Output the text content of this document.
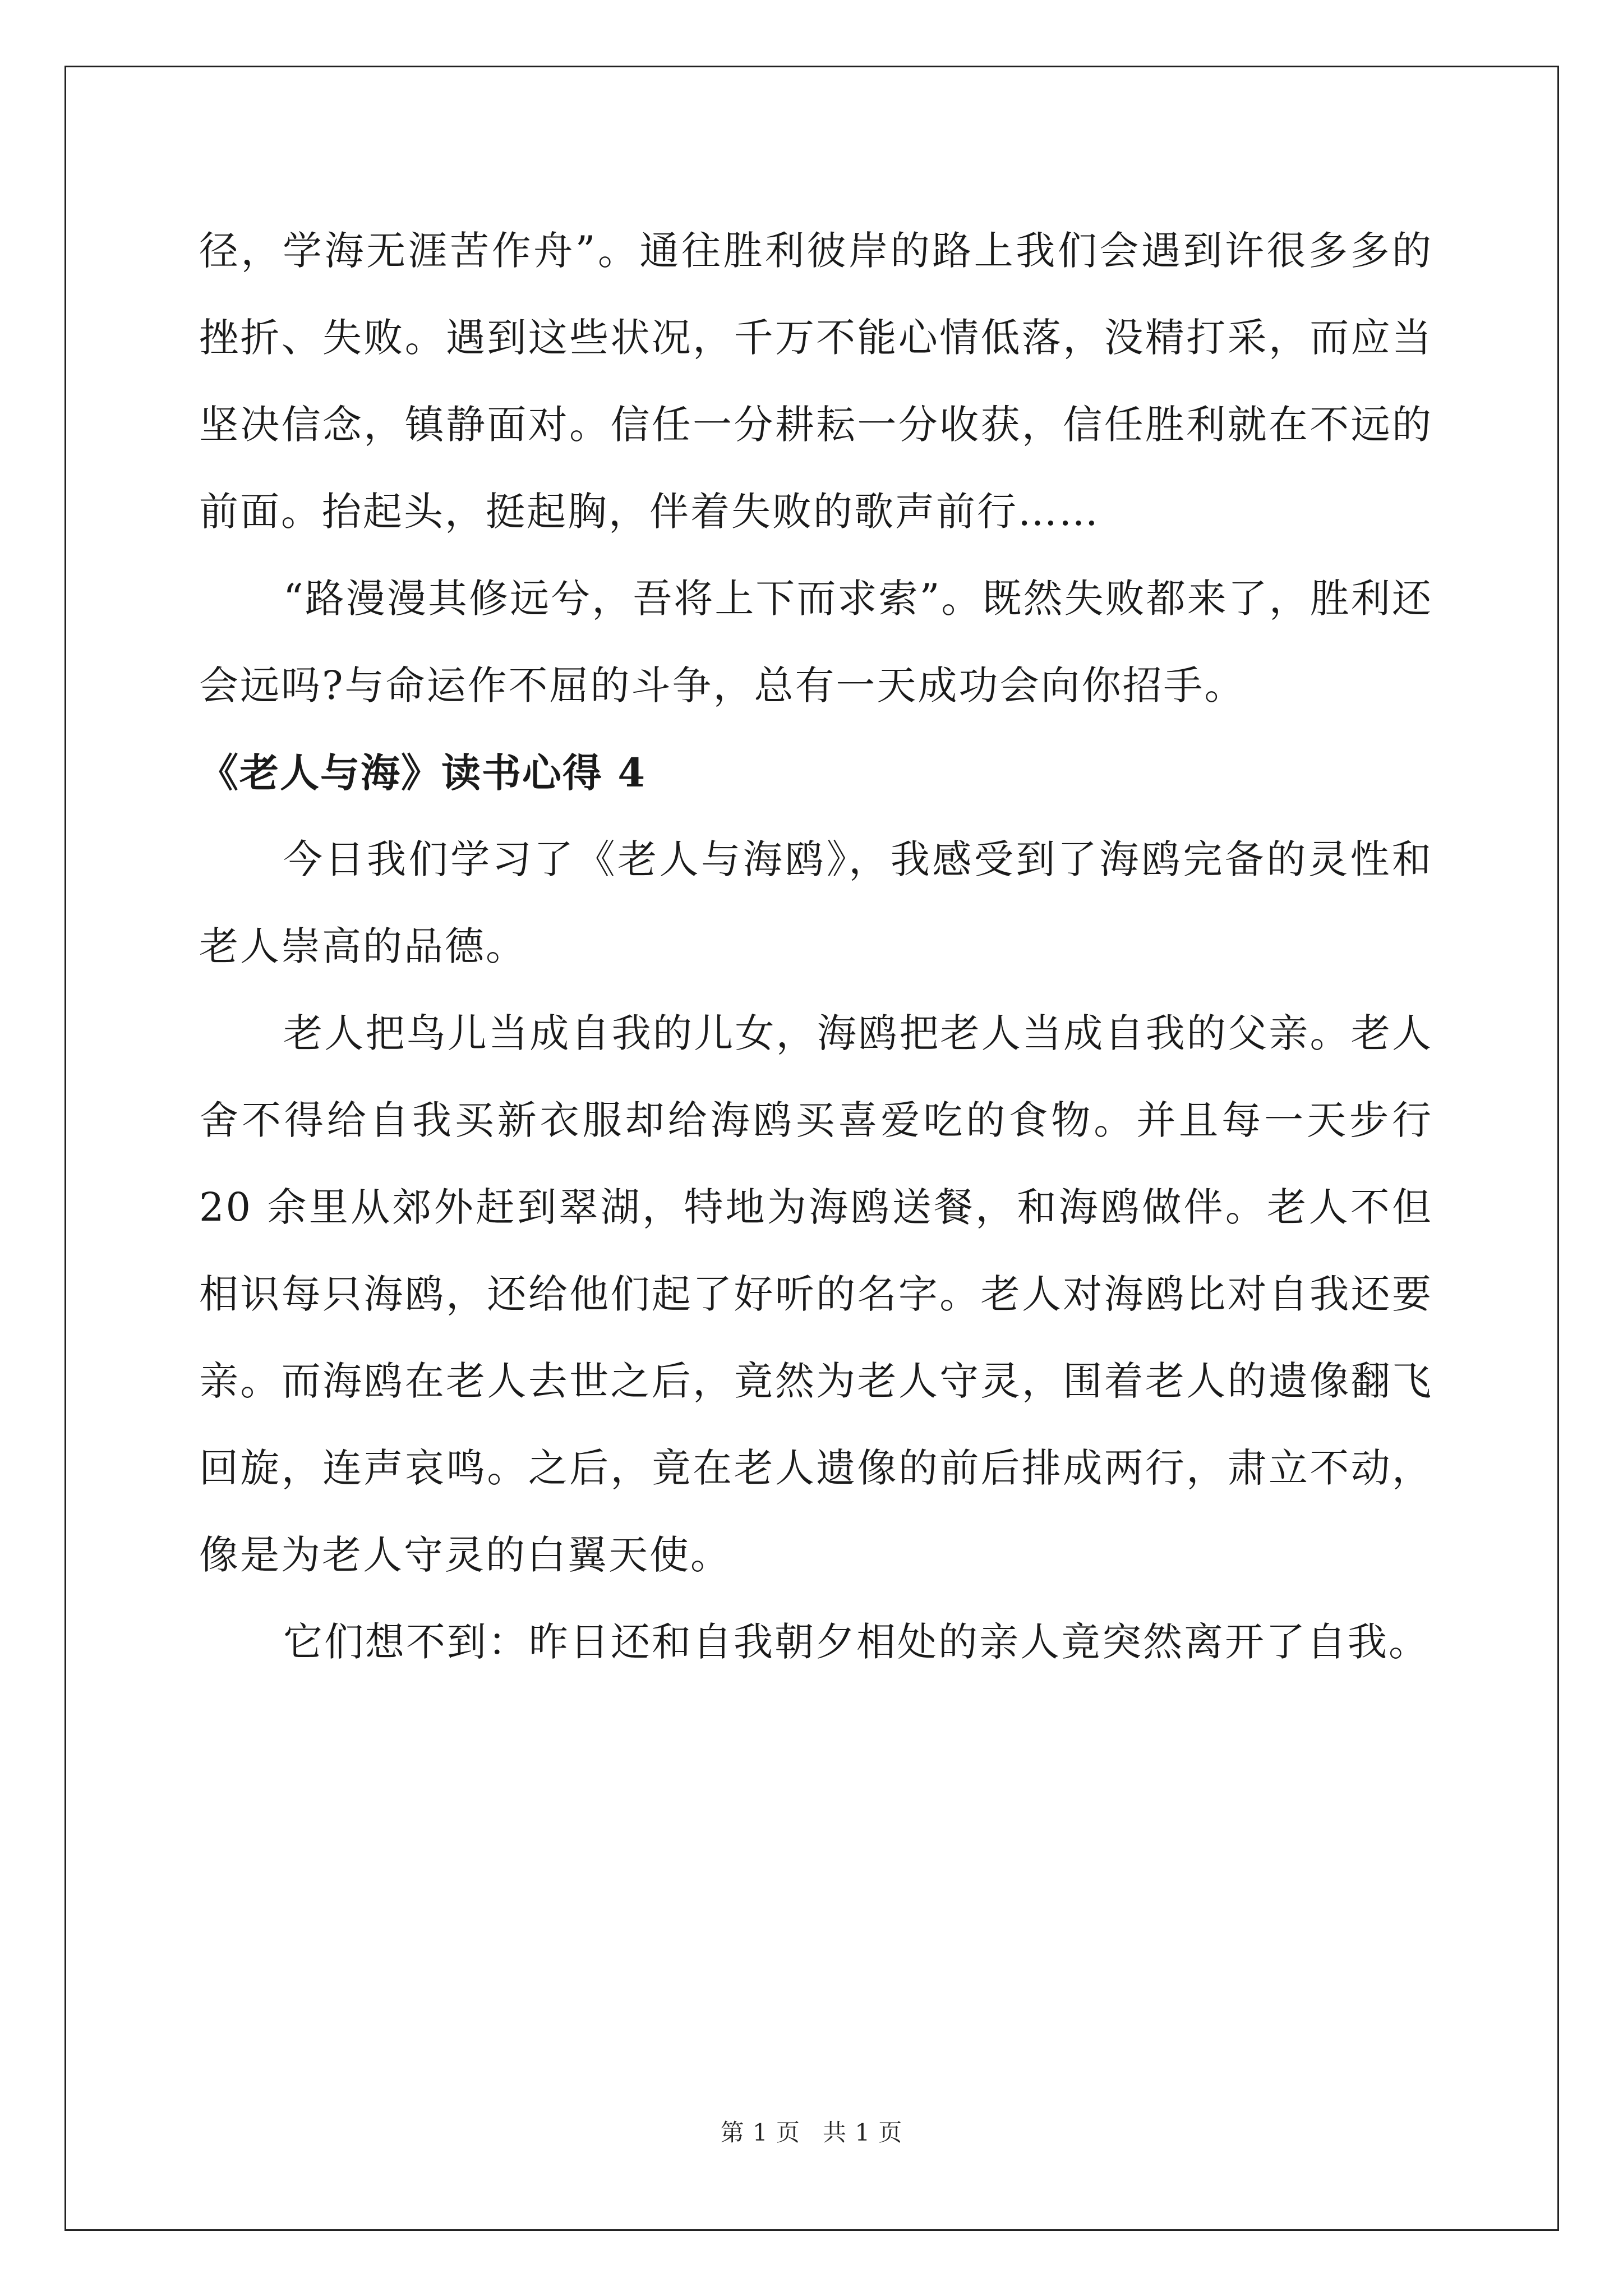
径，学海无涯苦作舟”。通往胜利彼岸的路上我们会遇到许很多多的挫折、失败。遇到这些状况，千万不能心情低落，没精打采，而应当坚决信念，镇静面对。信任一分耕耘一分收获，信任胜利就在不远的前面。抬起头，挺起胸，伴着失败的歌声前行……

“路漫漫其修远兮，吾将上下而求索”。既然失败都来了，胜利还会远吗?与命运作不屈的斗争，总有一天成功会向你招手。

《老人与海》读书心得 4

今日我们学习了《老人与海鸥》，我感受到了海鸥完备的灵性和老人崇高的品德。

老人把鸟儿当成自我的儿女，海鸥把老人当成自我的父亲。老人舍不得给自我买新衣服却给海鸥买喜爱吃的食物。并且每一天步行 20 余里从郊外赶到翠湖，特地为海鸥送餐，和海鸥做伴。老人不但相识每只海鸥，还给他们起了好听的名字。老人对海鸥比对自我还要亲。而海鸥在老人去世之后，竟然为老人守灵，围着老人的遗像翻飞回旋，连声哀鸣。之后，竟在老人遗像的前后排成两行，肃立不动，像是为老人守灵的白翼天使。

它们想不到：昨日还和自我朝夕相处的亲人竟突然离开了自我。

第 1 页 共 1 页
